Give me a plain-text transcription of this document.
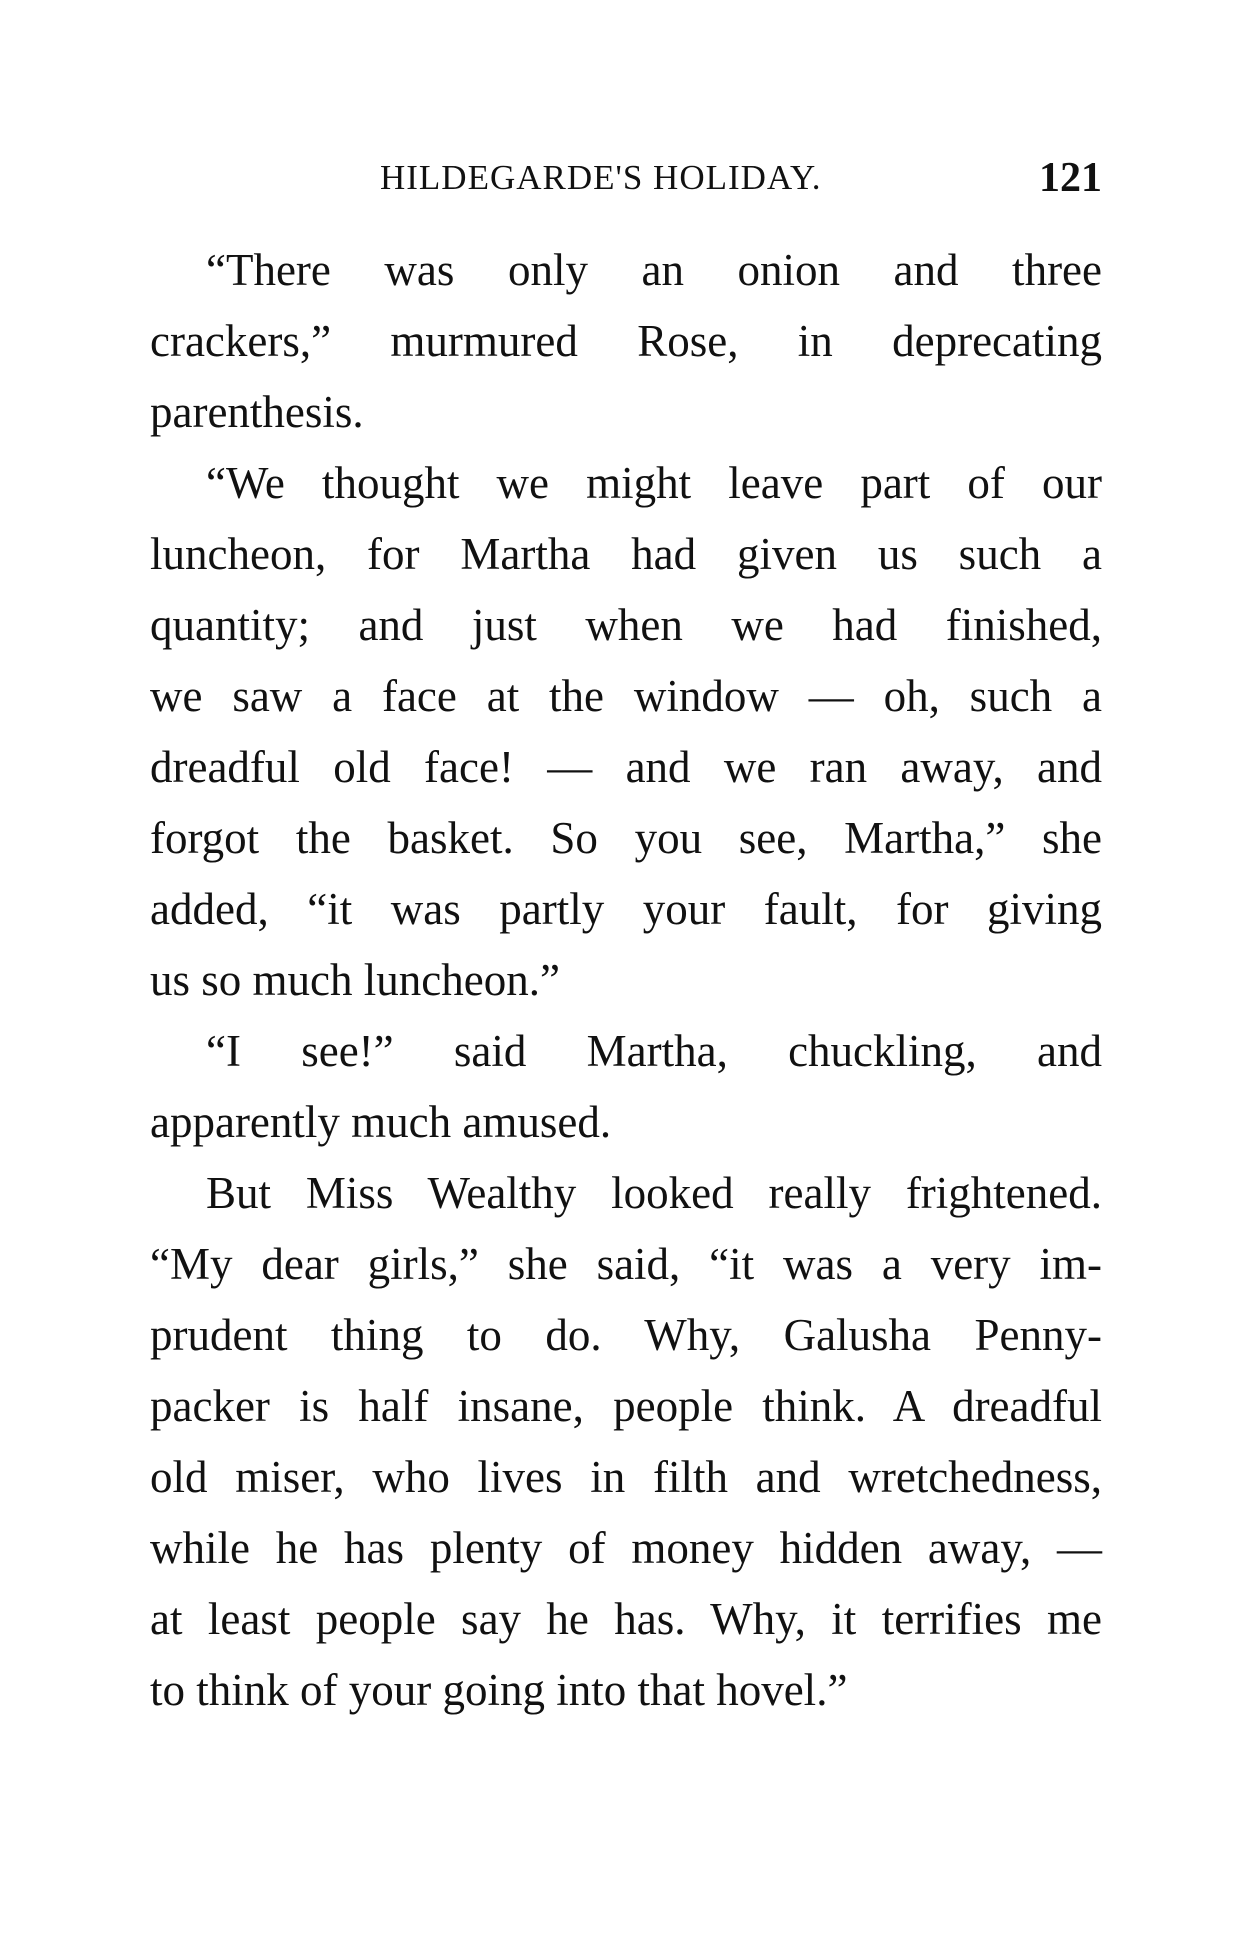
HILDEGARDE'S HOLIDAY.	121
“There was only an onion and three
crackers,” murmured Rose, in deprecating
parenthesis.
“We thought we might leave part of our
luncheon, for Martha had given us such a
quantity; and just when we had finished,
we saw a face at the window — oh, such a
dreadful old face! — and we ran away, and
forgot the basket. So you see, Martha,” she
added, “it was partly your fault, for giving
us so much luncheon.”
“I see!” said Martha, chuckling, and
apparently much amused.
But Miss Wealthy looked really frightened.
“My dear girls,” she said, “it was a very im-
prudent thing to do. Why, Galusha Penny-
packer is half insane, people think. A dreadful
old miser, who lives in filth and wretchedness,
while he has plenty of money hidden away, —
at least people say he has. Why, it terrifies me
to think of your going into that hovel.”
